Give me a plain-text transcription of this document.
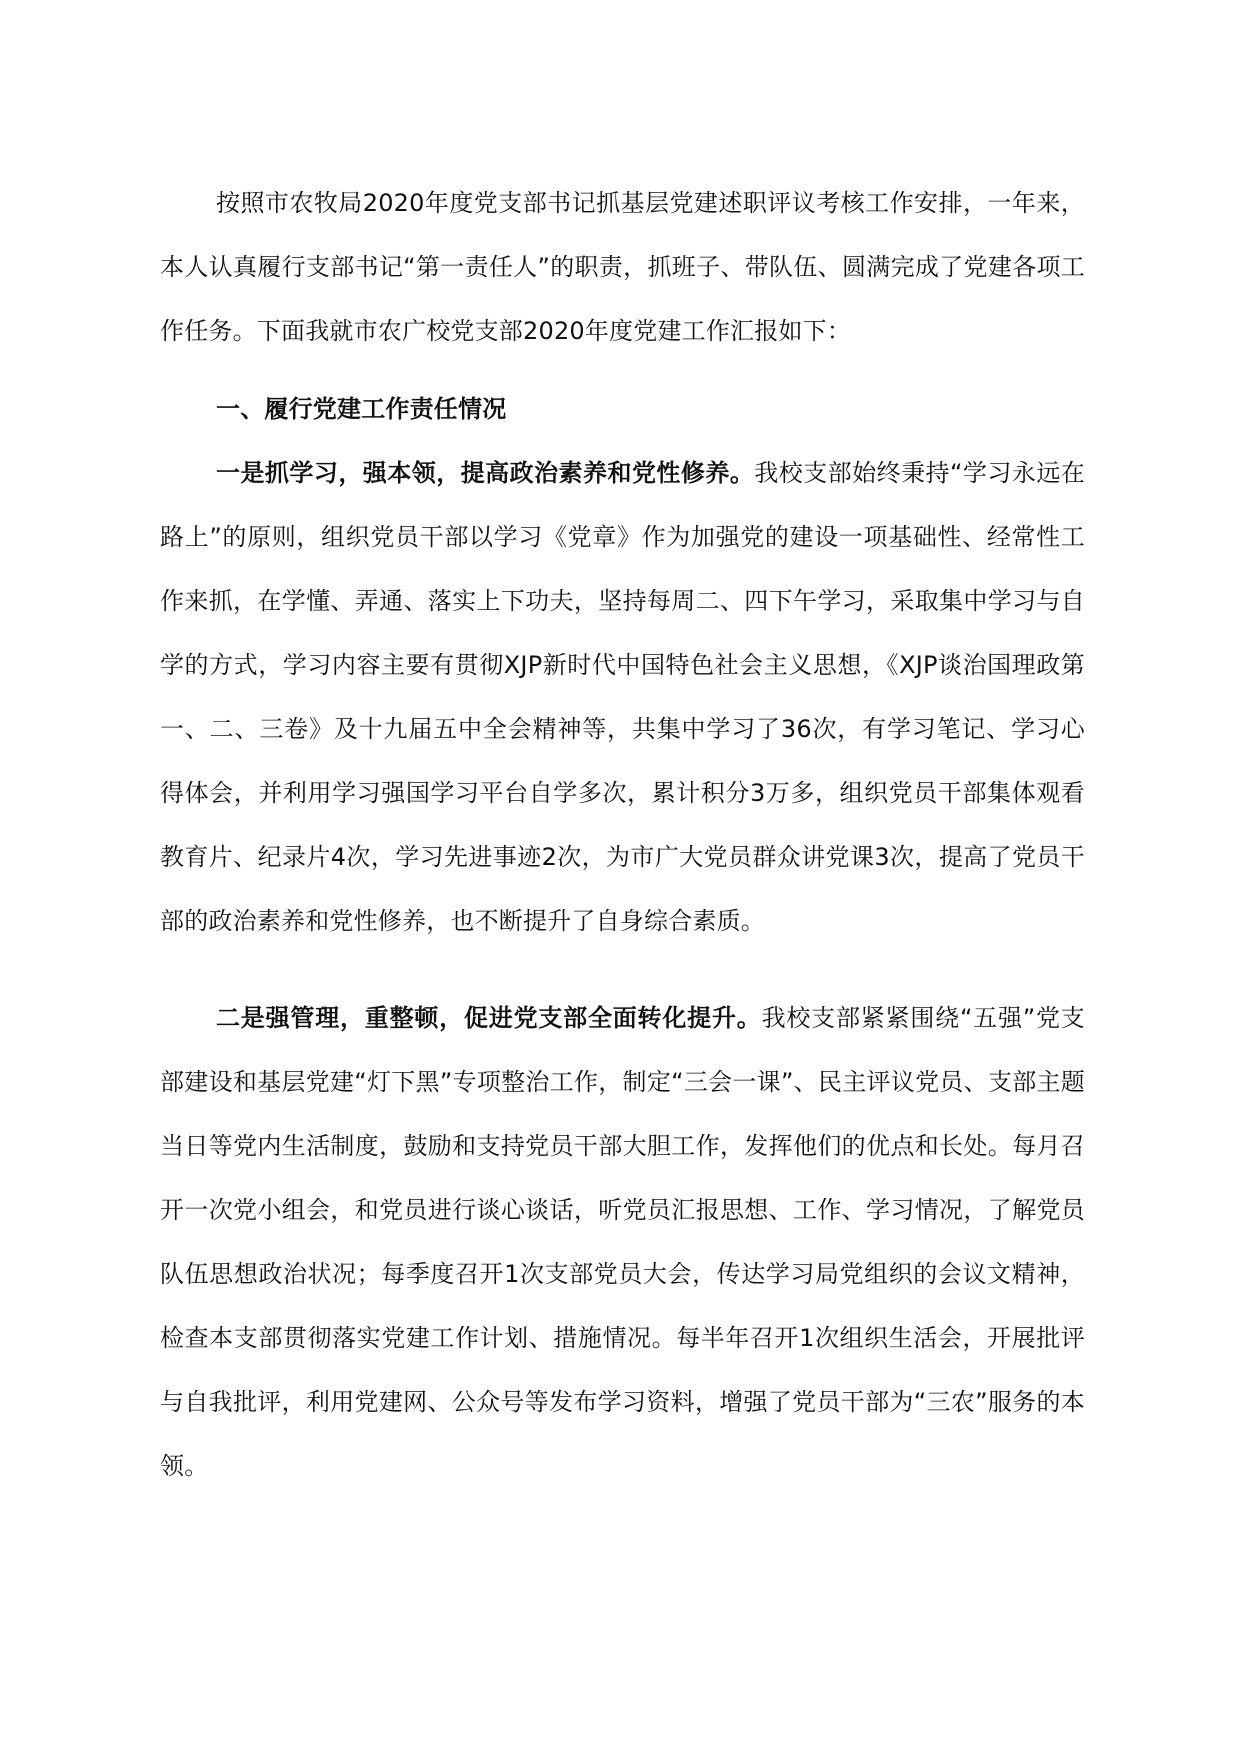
按照市农牧局2020年度党支部书记抓基层党建述职评议考核工作安排，一年来，本人认真履行支部书记“第一责任人”的职责，抓班子、带队伍、圆满完成了党建各项工作任务。下面我就市农广校党支部2020年度党建工作汇报如下：

一、履行党建工作责任情况

一是抓学习，强本领，提高政治素养和党性修养。我校支部始终秉持“学习永远在路上”的原则，组织党员干部以学习《党章》作为加强党的建设一项基础性、经常性工作来抓，在学懂、弄通、落实上下功夫，坚持每周二、四下午学习，采取集中学习与自学的方式，学习内容主要有贯彻XJP新时代中国特色社会主义思想，《XJP谈治国理政第一、二、三卷》及十九届五中全会精神等，共集中学习了36次，有学习笔记、学习心得体会，并利用学习强国学习平台自学多次，累计积分3万多，组织党员干部集体观看教育片、纪录片4次，学习先进事迹2次，为市广大党员群众讲党课3次，提高了党员干部的政治素养和党性修养，也不断提升了自身综合素质。

二是强管理，重整顿，促进党支部全面转化提升。我校支部紧紧围绕“五强”党支部建设和基层党建“灯下黑”专项整治工作，制定“三会一课”、民主评议党员、支部主题当日等党内生活制度，鼓励和支持党员干部大胆工作，发挥他们的优点和长处。每月召开一次党小组会，和党员进行谈心谈话，听党员汇报思想、工作、学习情况，了解党员队伍思想政治状况；每季度召开1次支部党员大会，传达学习局党组织的会议文精神，检查本支部贯彻落实党建工作计划、措施情况。每半年召开1次组织生活会，开展批评与自我批评，利用党建网、公众号等发布学习资料，增强了党员干部为“三农”服务的本领。
